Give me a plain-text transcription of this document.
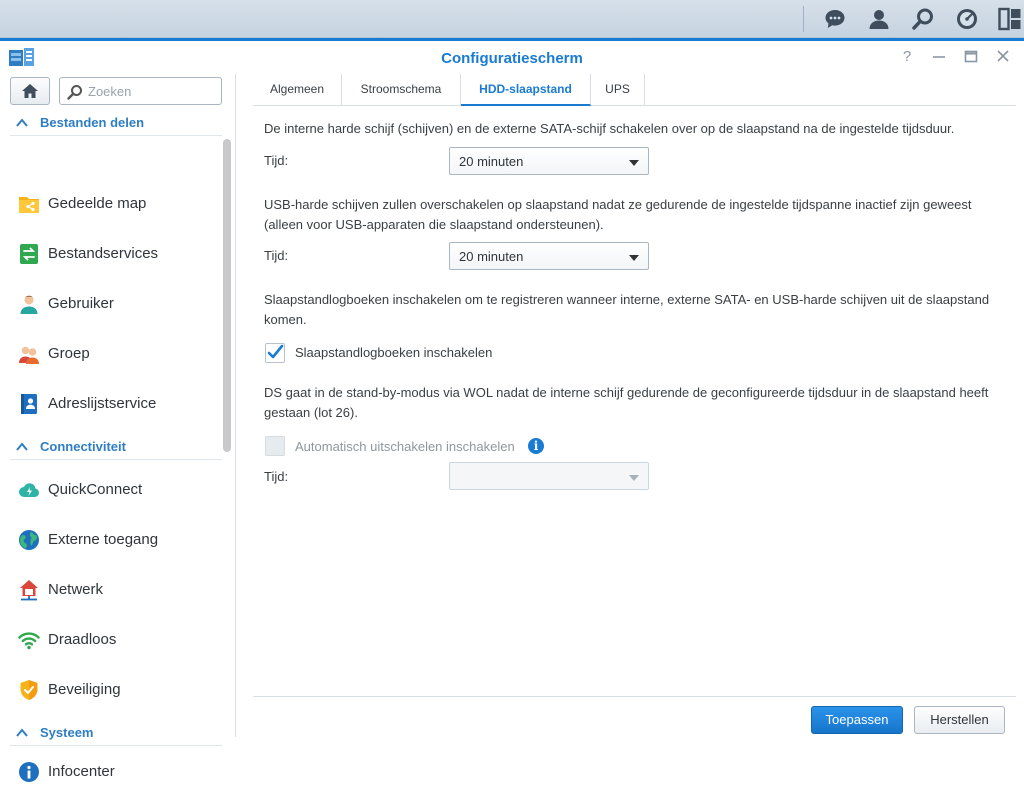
Configuratiescherm	?
Zoeken
Bestanden delen
Gedeelde map
Bestandservices
Gebruiker
Groep
Adreslijstservice
Connectiviteit
QuickConnect
Externe toegang
Netwerk
Draadloos
Beveiliging
Systeem
Infocenter
Algemeen	Stroomschema	HDD-slaapstand	UPS
De interne harde schijf (schijven) en de externe SATA-schijf schakelen over op de slaapstand na de ingestelde tijdsduur.
Tijd:	20 minuten
USB-harde schijven zullen overschakelen op slaapstand nadat ze gedurende de ingestelde tijdspanne inactief zijn geweest (alleen voor USB-apparaten die slaapstand ondersteunen).
Tijd:	20 minuten
Slaapstandlogboeken inschakelen om te registreren wanneer interne, externe SATA- en USB-harde schijven uit de slaapstand komen.
Slaapstandlogboeken inschakelen
DS gaat in de stand-by-modus via WOL nadat de interne schijf gedurende de geconfigureerde tijdsduur in de slaapstand heeft gestaan (lot 26).
Automatisch uitschakelen inschakelen	i
Tijd:
Toepassen	Herstellen
